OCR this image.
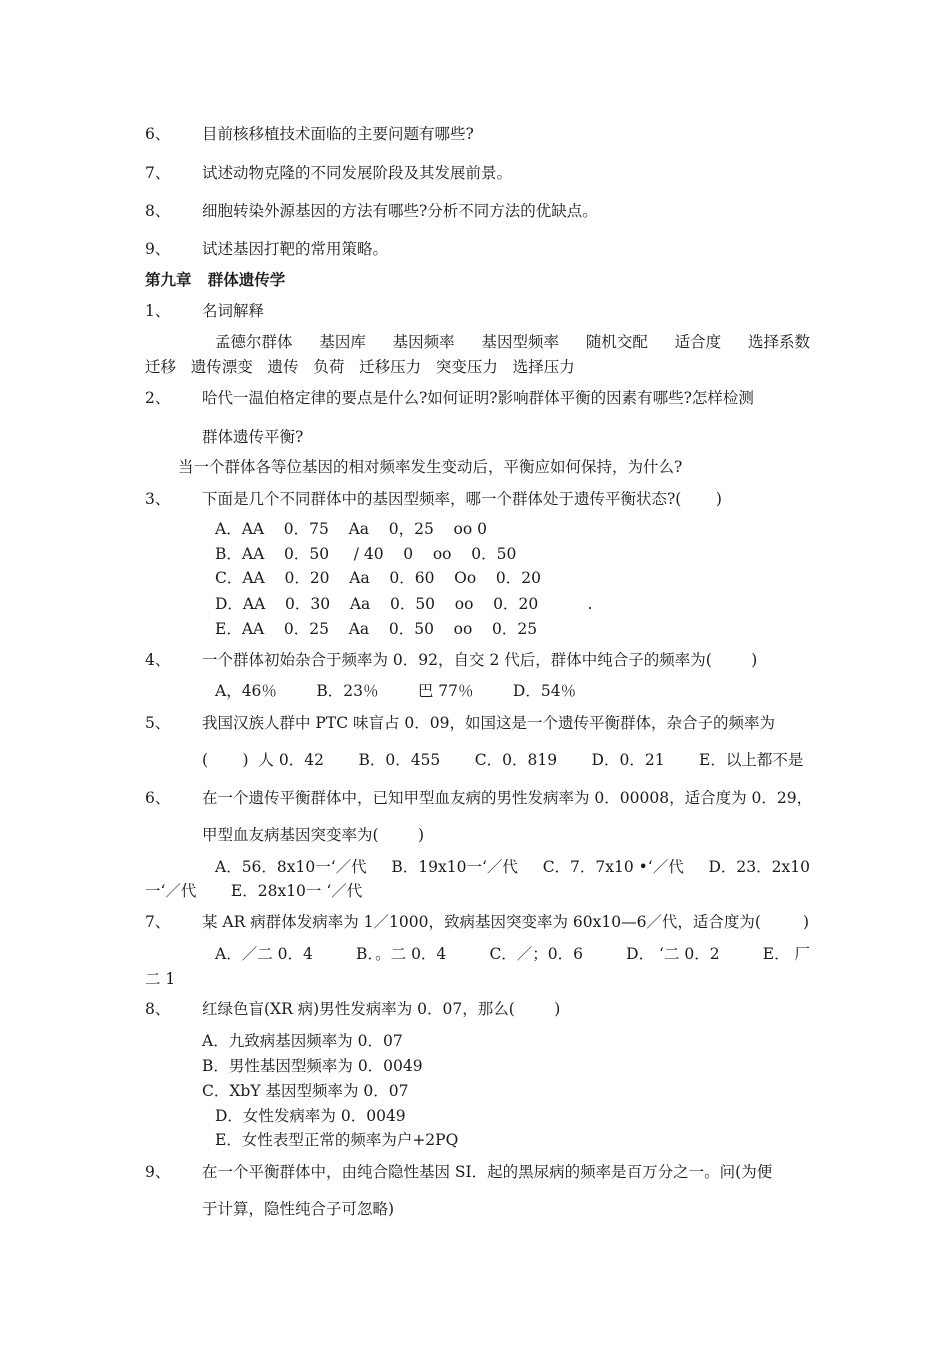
6、 目前核移植技术面临的主要问题有哪些?
7、 试述动物克隆的不同发展阶段及其发展前景。
8、 细胞转染外源基因的方法有哪些?分析不同方法的优缺点。
9、 试述基因打靶的常用策略。
第九章   群体遗传学
1、 名词解释
孟德尔群体 基因库 基因频率 基因型频率 随机交配 适合度 选择系数
迁移   遗传漂变   遗传   负荷   迁移压力   突变压力   选择压力
2、 哈代一温伯格定律的要点是什么?如何证明?影响群体平衡的因素有哪些?怎样检测
群体遗传平衡?
当一个群体各等位基因的相对频率发生变动后，平衡应如何保持，为什么?
3、 下面是几个不同群体中的基因型频率，哪一个群体处于遗传平衡状态?(       )
A．AA    0．75    Aa    0，25    oo 0
B．AA    0．50     / 40    0    oo    0．50
C．AA    0．20    Aa    0．60    Oo    0．20
D．AA    0．30    Aa    0．50    oo    0．20          .
E．AA    0．25    Aa    0．50    oo    0．25
4、 一个群体初始杂合于频率为 0．92，自交 2 代后，群体中纯合子的频率为(        )
A，46％        B．23％        巴 77％        D．54％
5、 我国汉族人群中 PTC 味盲占 0．09，如国这是一个遗传平衡群体，杂合子的频率为
(       )  人 0．42       B．0．455       C．0．819       D．0．21       E．以上都不是
6、 在一个遗传平衡群体中，已知甲型血友病的男性发病率为 0．00008，适合度为 0．29，
甲型血友病基因突变率为(        )
A．56．8x10一‘／代 B．19x10一‘／代 C．7．7x10 •‘／代 D．23．2x10
一‘／代       E．28x10一 ‘／代
7、 某 AR 病群体发病率为 1／1000，致病基因突变率为 60x10—6／代，适合度为(	)
A．／二 0．4	B．。二 0．4	C．／；0．6	D． ‘二 0．2	E． 厂
二 1
8、 红绿色盲(XR 病)男性发病率为 0．07，那么(        )
A．九致病基因频率为 0．07
B．男性基因型频率为 0．0049
C．XbY 基因型频率为 0．07
D．女性发病率为 0．0049
E．女性表型正常的频率为户+2PQ
9、 在一个平衡群体中，由纯合隐性基因 SI．起的黑尿病的频率是百万分之一。问(为便
于计算，隐性纯合子可忽略)
